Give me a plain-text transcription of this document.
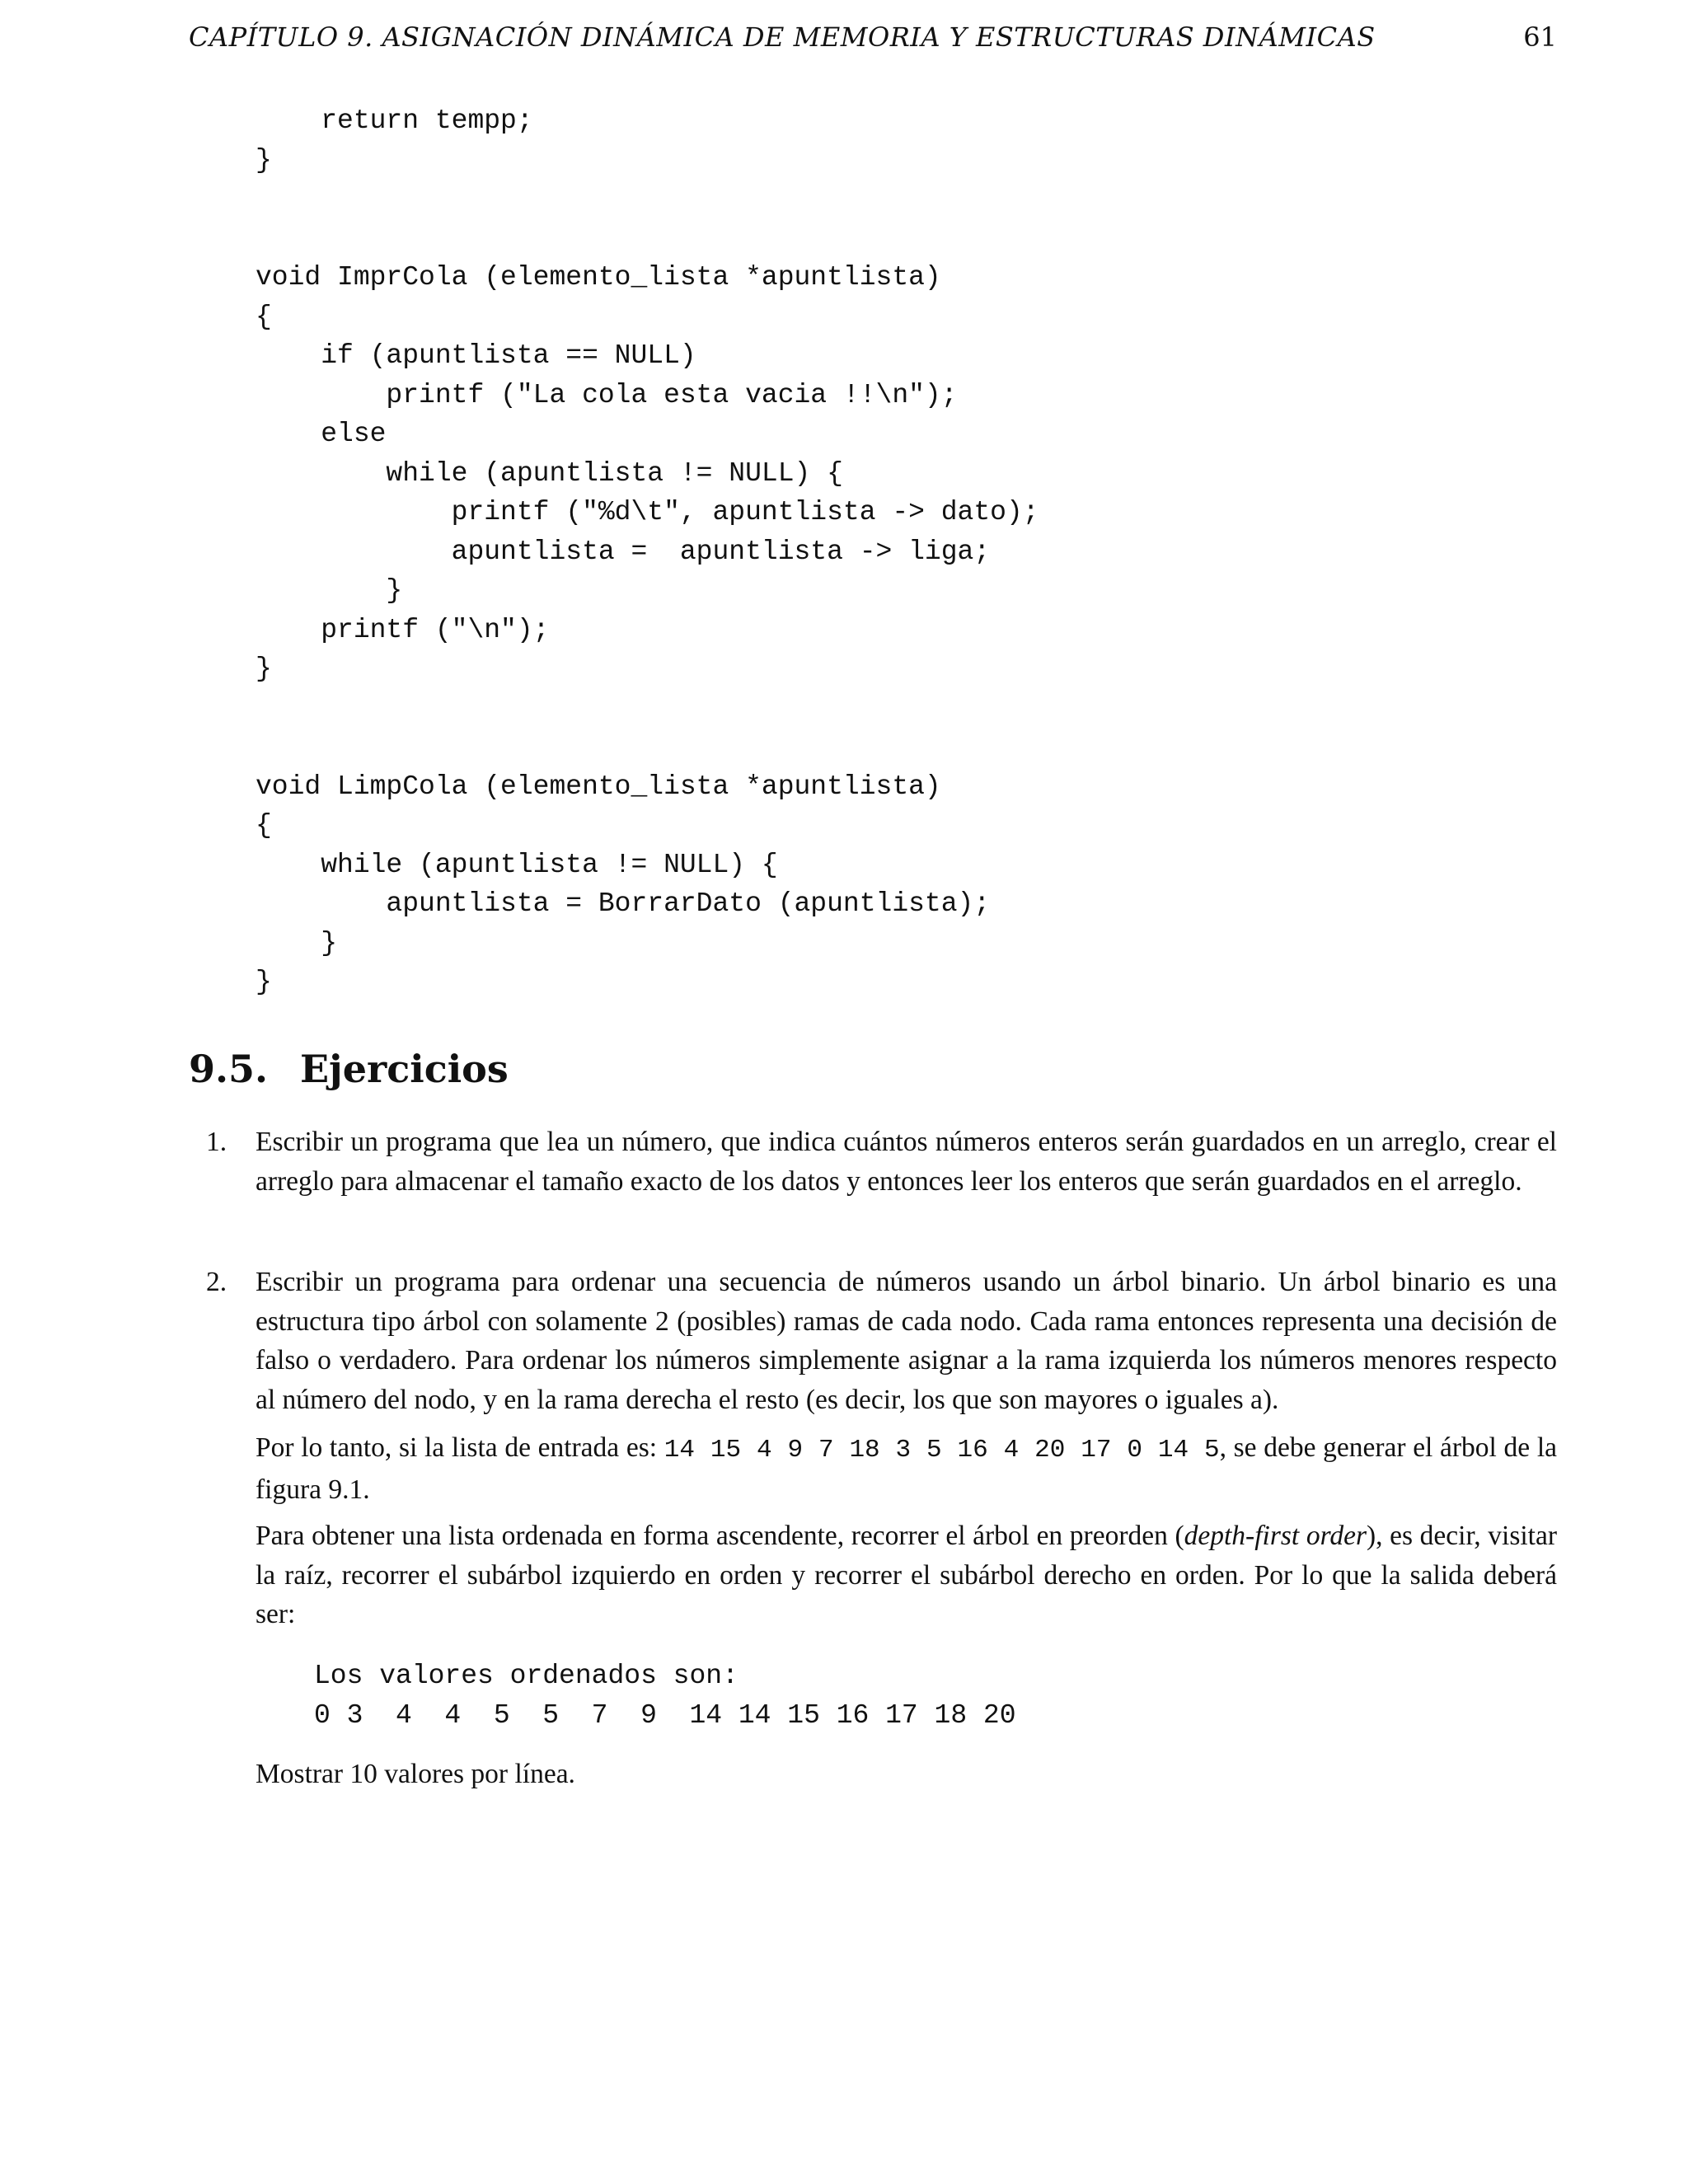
CAPÍTULO 9. ASIGNACIÓN DINÁMICA DE MEMORIA Y ESTRUCTURAS DINÁMICAS	61
return tempp;
}

void ImprCola (elemento_lista *apuntlista)
{
if (apuntlista == NULL)
printf ("La cola esta vacia !!\n");
else
while (apuntlista != NULL) {
printf ("%d\t", apuntlista -> dato);
apuntlista =  apuntlista -> liga;
}
printf ("\n");
}

void LimpCola (elemento_lista *apuntlista)
{
while (apuntlista != NULL) {
apuntlista = BorrarDato (apuntlista);
}
}
9.5. Ejercicios
1. Escribir un programa que lea un número, que indica cuántos números enteros serán guardados en un arreglo, crear el arreglo para almacenar el tamaño exacto de los datos y entonces leer los enteros que serán guardados en el arreglo.
2. Escribir un programa para ordenar una secuencia de números usando un árbol binario. Un árbol binario es una estructura tipo árbol con solamente 2 (posibles) ramas de cada nodo. Cada rama entonces representa una decisión de falso o verdadero. Para ordenar los números simplemente asignar a la rama izquierda los números menores respecto al número del nodo, y en la rama derecha el resto (es decir, los que son mayores o iguales a).
Por lo tanto, si la lista de entrada es: 14 15 4 9 7 18 3 5 16 4 20 17 0 14 5, se debe generar el árbol de la figura 9.1.
Para obtener una lista ordenada en forma ascendente, recorrer el árbol en preorden (depth-first order), es decir, visitar la raíz, recorrer el subárbol izquierdo en orden y recorrer el subárbol derecho en orden. Por lo que la salida deberá ser:
Los valores ordenados son:
0 3  4  4  5  5  7  9  14 14 15 16 17 18 20
Mostrar 10 valores por línea.
